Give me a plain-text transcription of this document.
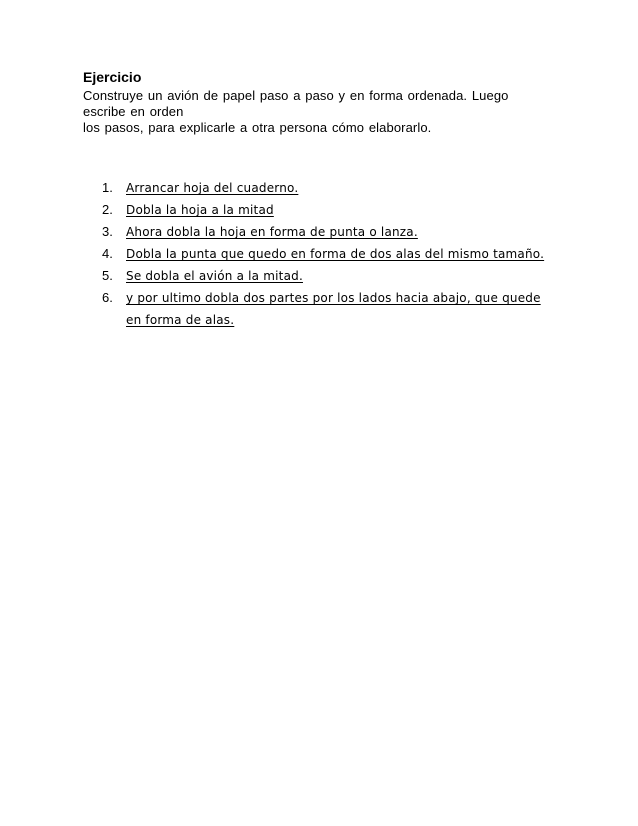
Ejercicio
Construye un avión de papel paso a paso y en forma ordenada. Luego
escribe en orden
los pasos, para explicarle a otra persona cómo elaborarlo.
1. Arrancar hoja del cuaderno.
2. Dobla la hoja a la mitad
3. Ahora dobla la hoja en forma de punta o lanza.
4. Dobla la punta que quedo en forma de dos alas del mismo tamaño.
5. Se dobla el avión a la mitad.
6. y por ultimo dobla dos partes por los lados hacia abajo, que quede en forma de alas.
